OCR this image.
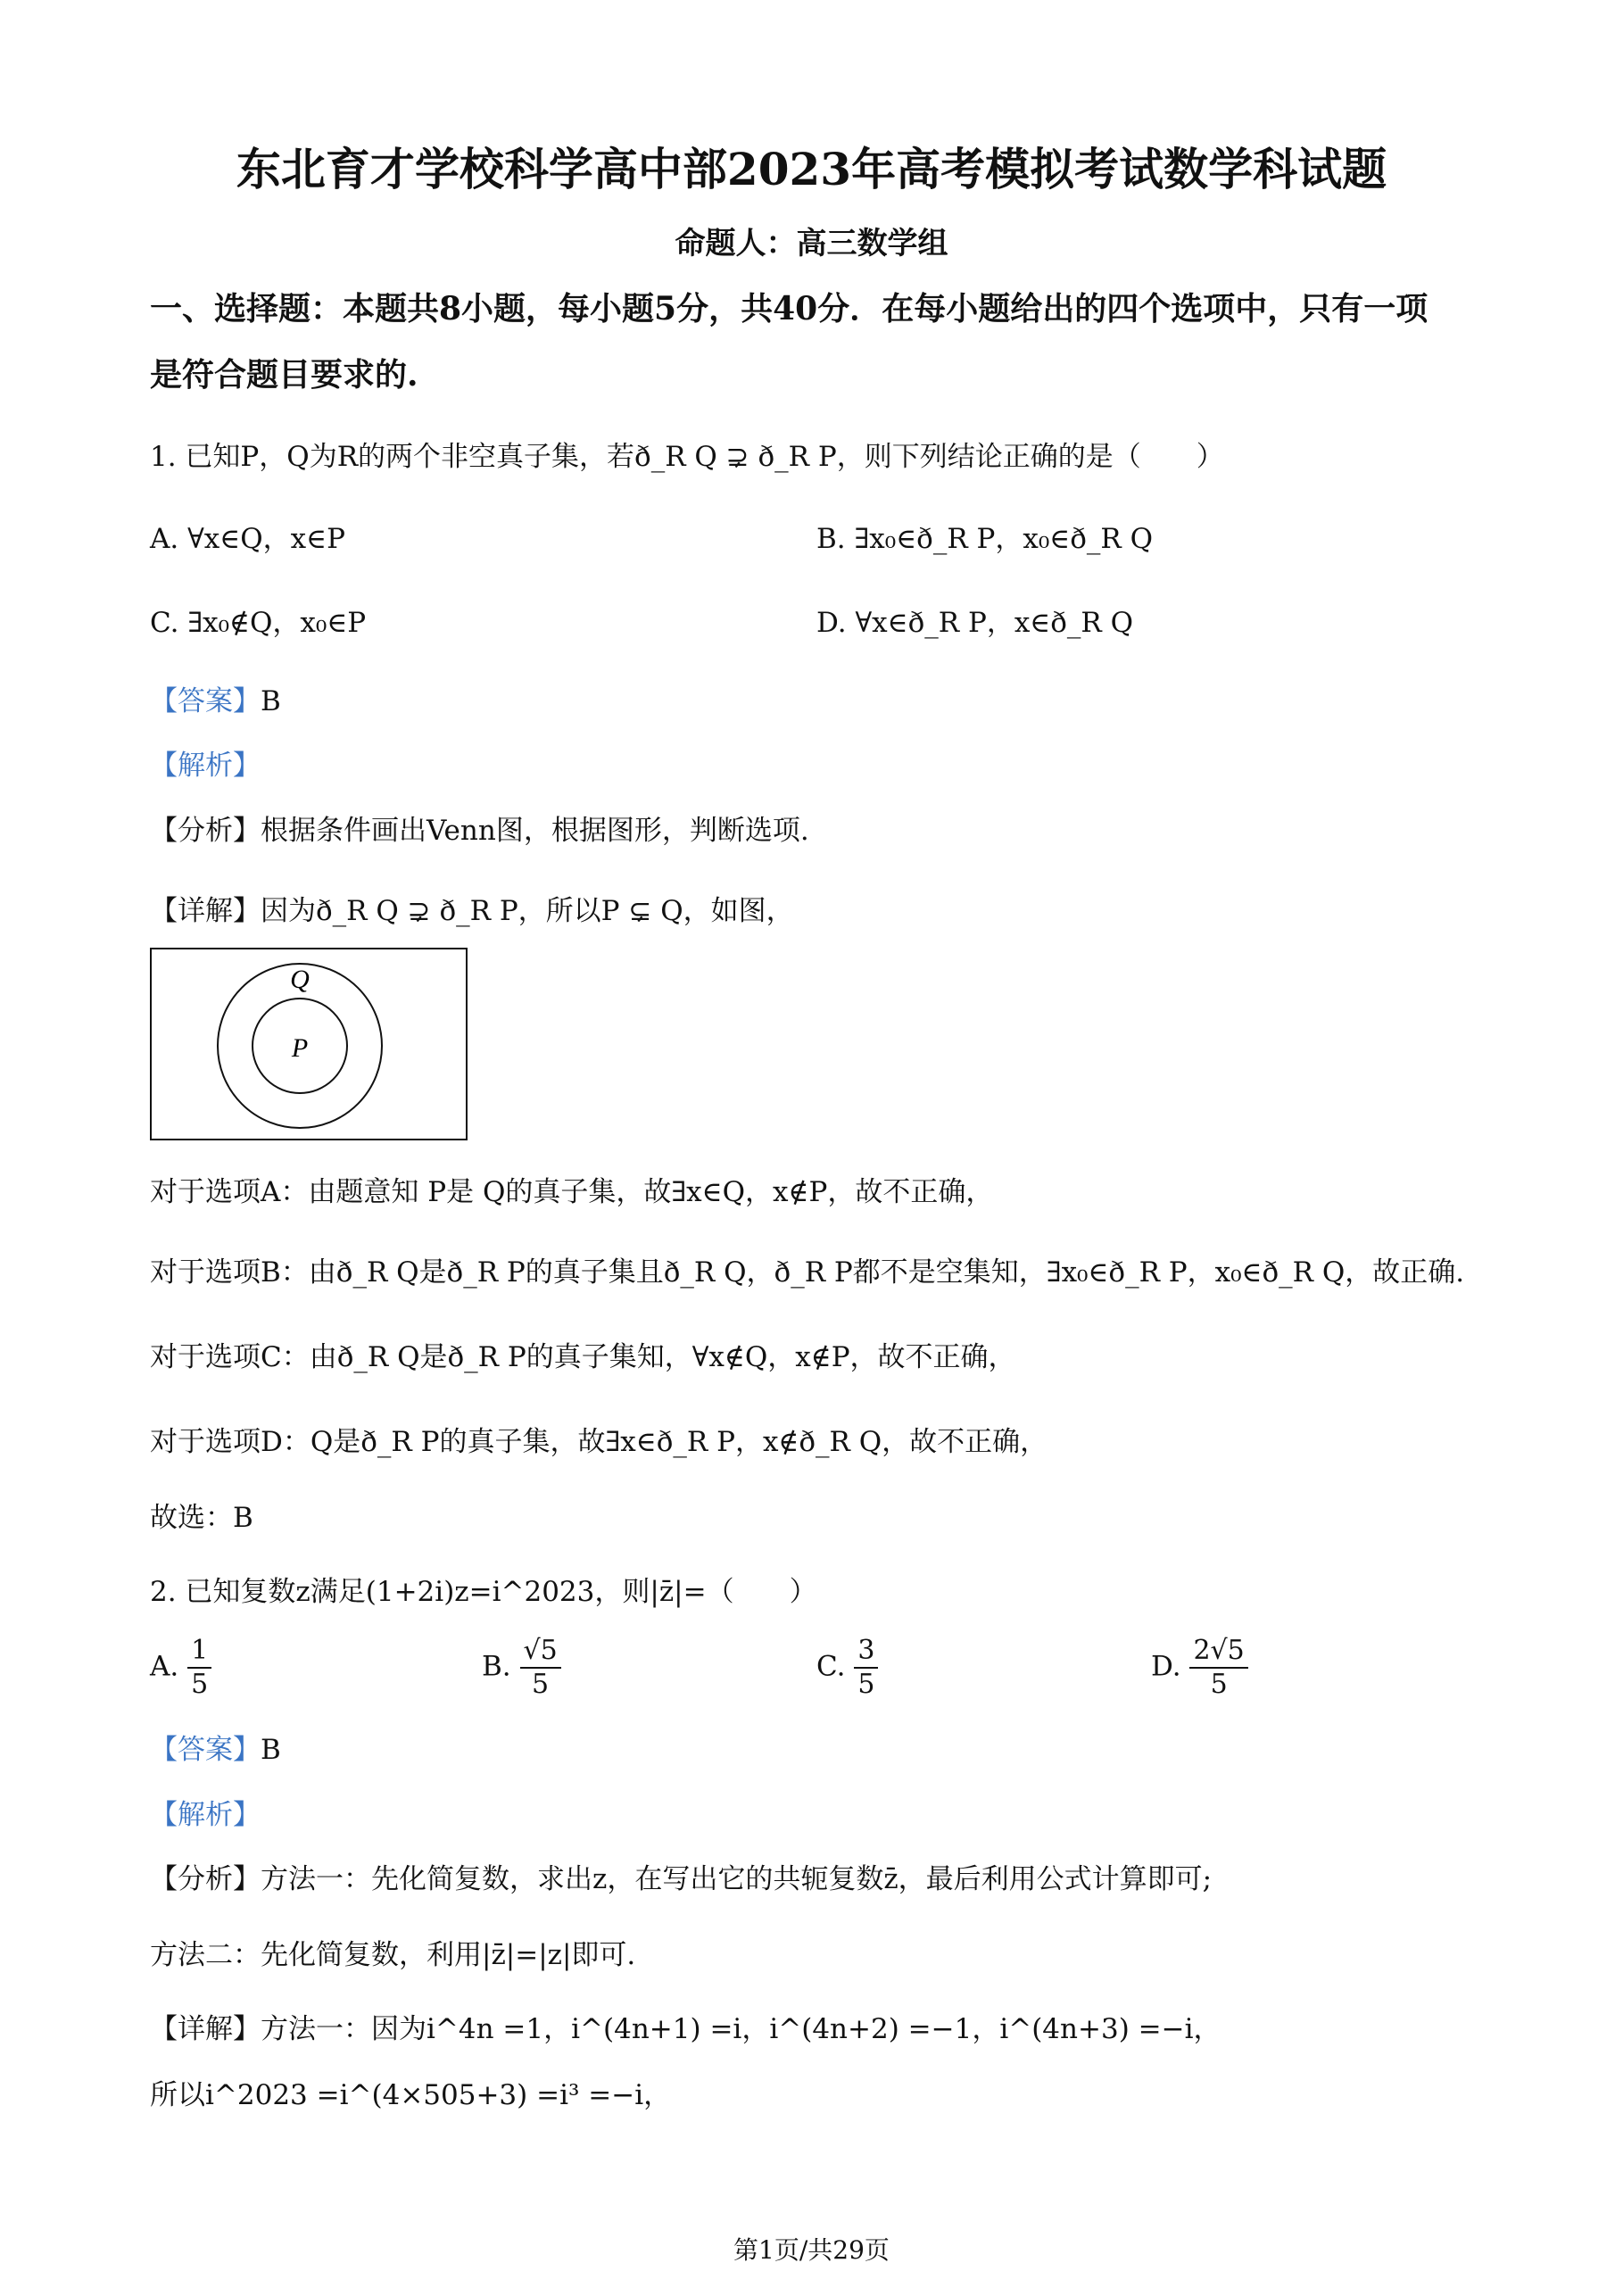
东北育才学校科学高中部2023年高考模拟考试数学科试题
命题人：高三数学组
一、选择题：本题共8小题，每小题5分，共40分．在每小题给出的四个选项中，只有一项
是符合题目要求的.
1. 已知P，Q为R的两个非空真子集，若ð_R Q ⊋ ð_R P，则下列结论正确的是（　　）
A. ∀x∈Q，x∈P	B. ∃x₀∈ð_R P，x₀∈ð_R Q
C. ∃x₀∉Q，x₀∈P	D. ∀x∈ð_R P，x∈ð_R Q
【答案】B
【解析】
【分析】根据条件画出Venn图，根据图形，判断选项.
【详解】因为ð_R Q ⊋ ð_R P，所以P ⊊ Q，如图，
Q
P
对于选项A：由题意知 P是 Q的真子集，故∃x∈Q，x∉P，故不正确，
对于选项B：由ð_R Q是ð_R P的真子集且ð_R Q，ð_R P都不是空集知，∃x₀∈ð_R P，x₀∈ð_R Q，故正确.
对于选项C：由ð_R Q是ð_R P的真子集知，∀x∉Q，x∉P，故不正确，
对于选项D：Q是ð_R P的真子集，故∃x∈ð_R P，x∉ð_R Q，故不正确，
故选：B
2. 已知复数z满足(1+2i)z=i^2023，则|z̄|=（　　）
A. $\frac{1}{5}$	B. $\frac{√5}{5}$	C. $\frac{3}{5}$	D. $\frac{2√5}{5}$
【答案】B
【解析】
【分析】方法一：先化简复数，求出z，在写出它的共轭复数z̄，最后利用公式计算即可;
方法二：先化简复数，利用|z̄|=|z|即可.
【详解】方法一：因为i^4n =1，i^(4n+1) =i，i^(4n+2) =−1，i^(4n+3) =−i，
所以i^2023 =i^(4×505+3) =i³ =−i，
第1页/共29页
